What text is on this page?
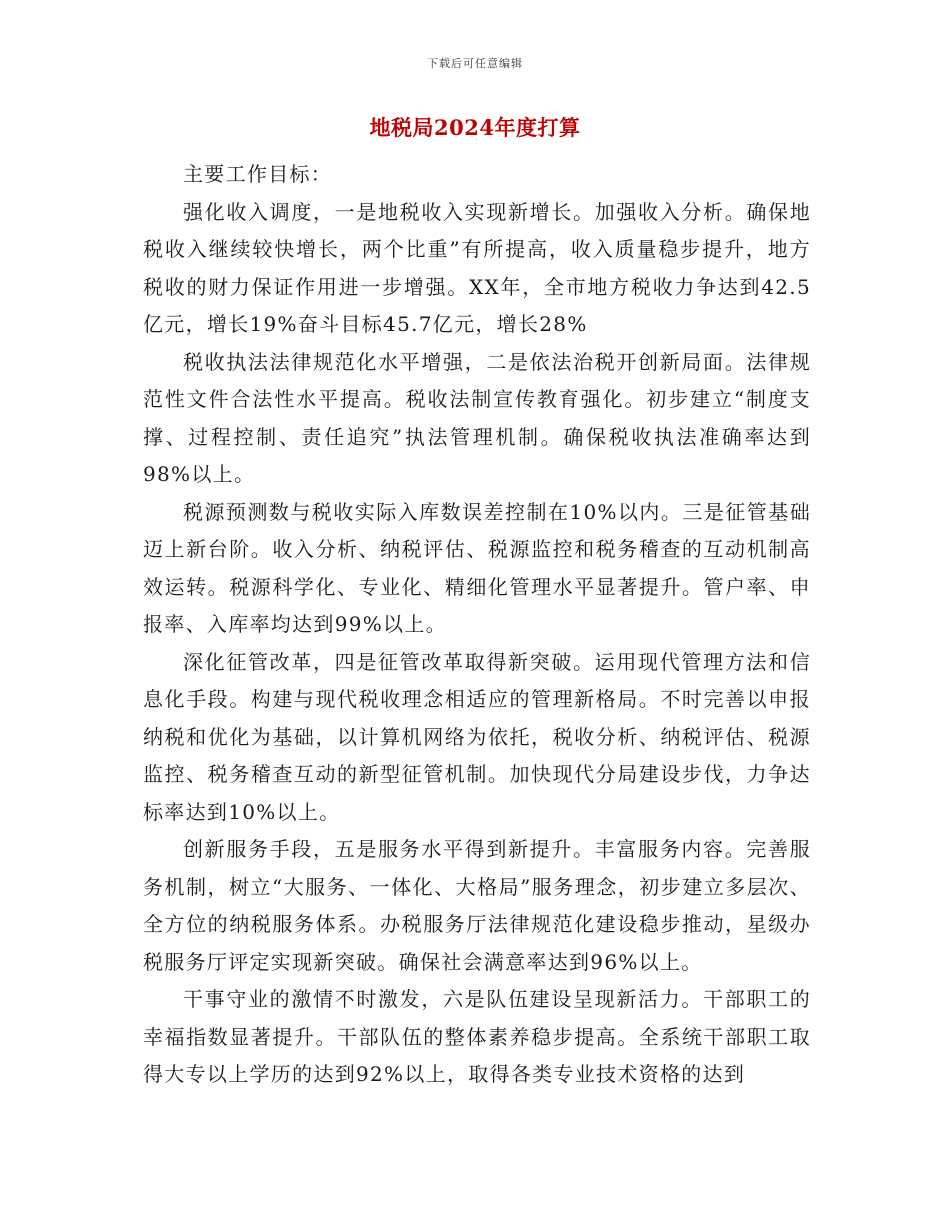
下载后可任意编辑
地税局2024年度打算

主要工作目标：

强化收入调度，一是地税收入实现新增长。加强收入分析。确保地税收入继续较快增长，两个比重”有所提高，收入质量稳步提升，地方税收的财力保证作用进一步增强。XX年，全市地方税收力争达到42.5亿元，增长19%奋斗目标45.7亿元，增长28%

税收执法法律规范化水平增强，二是依法治税开创新局面。法律规范性文件合法性水平提高。税收法制宣传教育强化。初步建立“制度支撑、过程控制、责任追究”执法管理机制。确保税收执法准确率达到98%以上。

税源预测数与税收实际入库数误差控制在10%以内。三是征管基础迈上新台阶。收入分析、纳税评估、税源监控和税务稽查的互动机制高效运转。税源科学化、专业化、精细化管理水平显著提升。管户率、申报率、入库率均达到99%以上。

深化征管改革，四是征管改革取得新突破。运用现代管理方法和信息化手段。构建与现代税收理念相适应的管理新格局。不时完善以申报纳税和优化为基础，以计算机网络为依托，税收分析、纳税评估、税源监控、税务稽查互动的新型征管机制。加快现代分局建设步伐，力争达标率达到10%以上。

创新服务手段，五是服务水平得到新提升。丰富服务内容。完善服务机制，树立“大服务、一体化、大格局”服务理念，初步建立多层次、全方位的纳税服务体系。办税服务厅法律规范化建设稳步推动，星级办税服务厅评定实现新突破。确保社会满意率达到96%以上。

干事守业的激情不时激发，六是队伍建设呈现新活力。干部职工的幸福指数显著提升。干部队伍的整体素养稳步提高。全系统干部职工取得大专以上学历的达到92%以上，取得各类专业技术资格的达到
